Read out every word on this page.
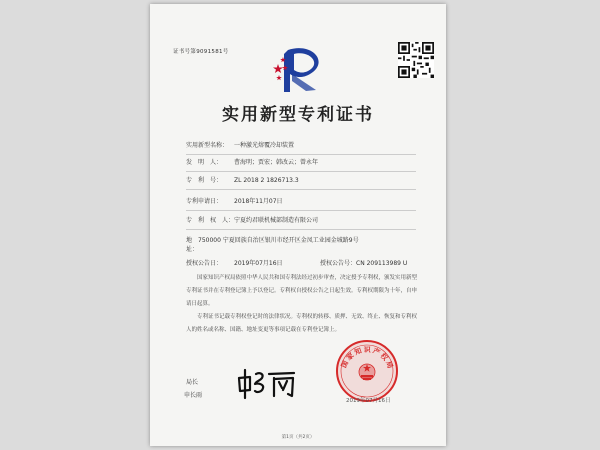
证书号第9091581号
实用新型专利证书
实用新型名称： 一种激光熔覆冷却装置
发　明　人： 曹海明；贾宏；韩改云；曾永年
专　利　号： ZL 2018 2 1826713.3
专利申请日： 2018年11月07日
专　利　权　人：宁夏约君联机械部制造有限公司
地　址：
750000 宁夏回族自治区银川市经开区金凤工业园金城路9号
授权公告日： 2019年07月16日	授权公告号：CN 209113989 U

国家知识产权局依照中华人民共和国专利法经过初步审查，决定授予专利权，颁发实用新型专利证书并在专利登记簿上予以登记。专利权自授权公告之日起生效。专利权期限为十年，自申请日起算。

专利证书记载专利权登记时的法律状况。专利权的转移、质押、无效、终止、恢复和专利权人的姓名或名称、国籍、地址变更等事项记载在专利登记簿上。

局长
申长雨
国家知识产权局
2019年07月16日
第1页（共2页）
